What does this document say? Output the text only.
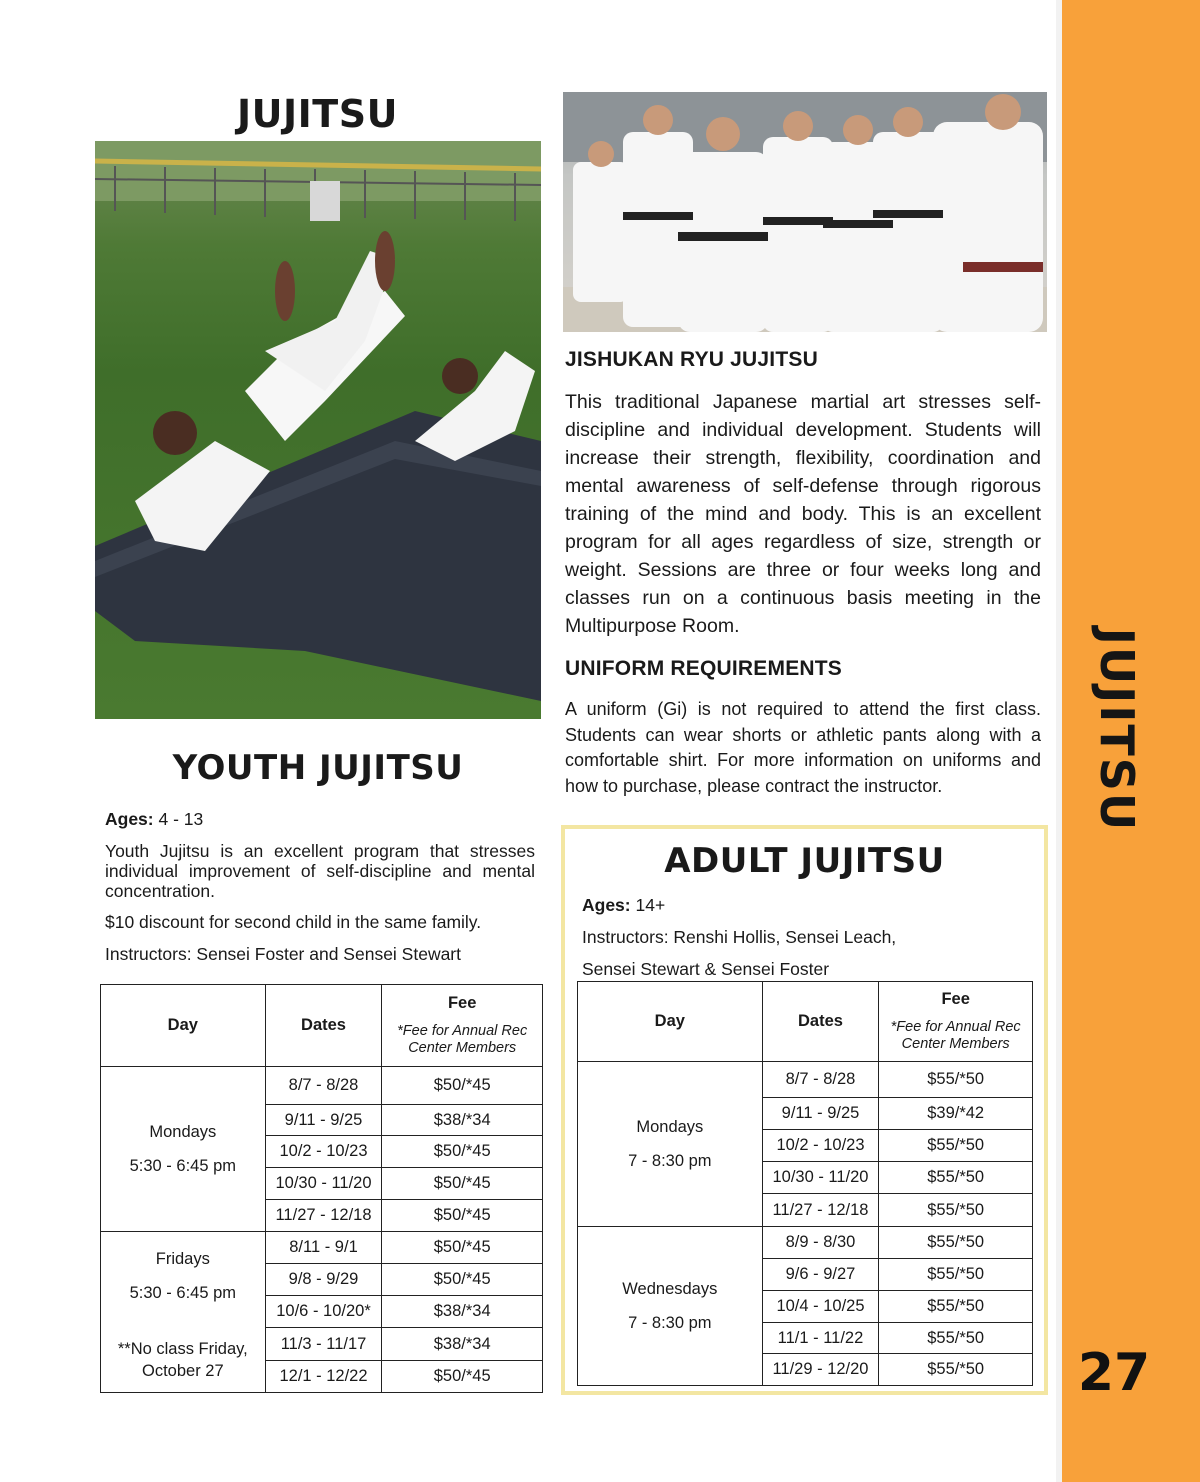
JUJITSU
JISHUKAN RYU JUJITSU
This traditional Japanese martial art stresses self-discipline and individual development. Students will increase their strength, flexibility, coordination and mental awareness of self-defense through rigorous training of the mind and body. This is an excellent program for all ages regardless of size, strength or weight. Sessions are three or four weeks long and classes run on a continuous basis meeting in the Multipurpose Room.
UNIFORM REQUIREMENTS
A uniform (Gi) is not required to attend the first class. Students can wear shorts or athletic pants along with a comfortable shirt. For more information on uniforms and how to purchase, please contract the instructor.
YOUTH JUJITSU
Ages: 4 - 13
Youth Jujitsu is an excellent program that stresses individual improvement of self-discipline and mental concentration.
$10 discount for second child in the same family.
Instructors: Sensei Foster and Sensei Stewart
Day	Dates	Fee
*Fee for Annual Rec Center Members

Mondays
5:30 - 6:45 pm	8/7 - 8/28	$50/*45
	9/11 - 9/25	$38/*34
	10/2 - 10/23	$50/*45
	10/30 - 11/20	$50/*45
	11/27 - 12/18	$50/*45

Fridays
5:30 - 6:45 pm
**No class Friday, October 27	8/11 - 9/1	$50/*45
	9/8 - 9/29	$50/*45
	10/6 - 10/20*	$38/*34
	11/3 - 11/17	$38/*34
	12/1 - 12/22	$50/*45
ADULT JUJITSU
Ages: 14+
Instructors: Renshi Hollis, Sensei Leach,
Sensei Stewart & Sensei Foster
Day	Dates	Fee
*Fee for Annual Rec Center Members

Mondays
7 - 8:30 pm	8/7 - 8/28	$55/*50
	9/11 - 9/25	$39/*42
	10/2 - 10/23	$55/*50
	10/30 - 11/20	$55/*50
	11/27 - 12/18	$55/*50

Wednesdays
7 - 8:30 pm	8/9 - 8/30	$55/*50
	9/6 - 9/27	$55/*50
	10/4 - 10/25	$55/*50
	11/1 - 11/22	$55/*50
	11/29 - 12/20	$55/*50
JUJITSU
27
